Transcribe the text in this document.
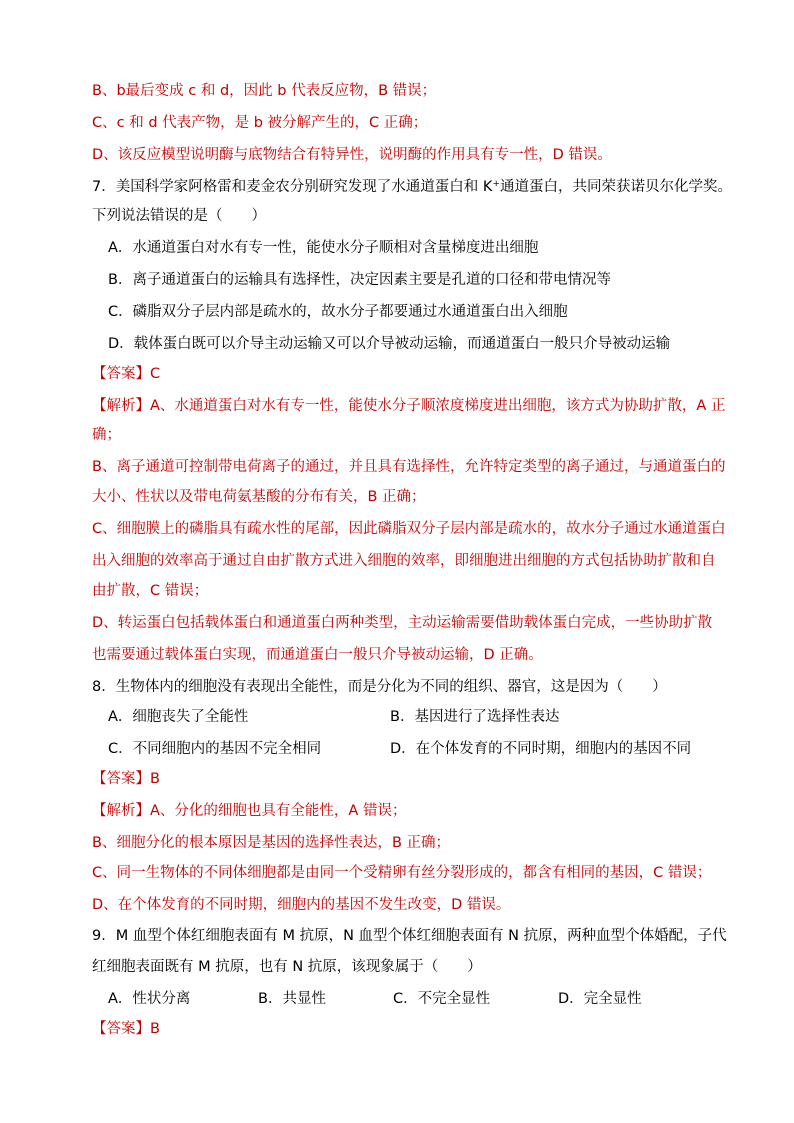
B、b最后变成 c 和 d，因此 b 代表反应物，B 错误；
C、c 和 d 代表产物，是 b 被分解产生的，C 正确；
D、该反应模型说明酶与底物结合有特异性，说明酶的作用具有专一性，D 错误。
7．美国科学家阿格雷和麦金农分别研究发现了水通道蛋白和 K⁺通道蛋白，共同荣获诺贝尔化学奖。
下列说法错误的是（　　）
A．水通道蛋白对水有专一性，能使水分子顺相对含量梯度进出细胞
B．离子通道蛋白的运输具有选择性，决定因素主要是孔道的口径和带电情况等
C．磷脂双分子层内部是疏水的，故水分子都要通过水通道蛋白出入细胞
D．载体蛋白既可以介导主动运输又可以介导被动运输，而通道蛋白一般只介导被动运输
【答案】C
【解析】A、水通道蛋白对水有专一性，能使水分子顺浓度梯度进出细胞，该方式为协助扩散，A 正
确；
B、离子通道可控制带电荷离子的通过，并且具有选择性，允许特定类型的离子通过，与通道蛋白的
大小、性状以及带电荷氨基酸的分布有关，B 正确；
C、细胞膜上的磷脂具有疏水性的尾部，因此磷脂双分子层内部是疏水的，故水分子通过水通道蛋白
出入细胞的效率高于通过自由扩散方式进入细胞的效率，即细胞进出细胞的方式包括协助扩散和自
由扩散，C 错误；
D、转运蛋白包括载体蛋白和通道蛋白两种类型，主动运输需要借助载体蛋白完成，一些协助扩散
也需要通过载体蛋白实现，而通道蛋白一般只介导被动运输，D 正确。
8．生物体内的细胞没有表现出全能性，而是分化为不同的组织、器官，这是因为（　　）
A．细胞丧失了全能性	B．基因进行了选择性表达
C．不同细胞内的基因不完全相同	D．在个体发育的不同时期，细胞内的基因不同
【答案】B
【解析】A、分化的细胞也具有全能性，A 错误；
B、细胞分化的根本原因是基因的选择性表达，B 正确；
C、同一生物体的不同体细胞都是由同一个受精卵有丝分裂形成的，都含有相同的基因，C 错误；
D、在个体发育的不同时期，细胞内的基因不发生改变，D 错误。
9．M 血型个体红细胞表面有 M 抗原，N 血型个体红细胞表面有 N 抗原，两种血型个体婚配，子代
红细胞表面既有 M 抗原，也有 N 抗原，该现象属于（　　）
A．性状分离	B．共显性	C．不完全显性	D．完全显性
【答案】B
